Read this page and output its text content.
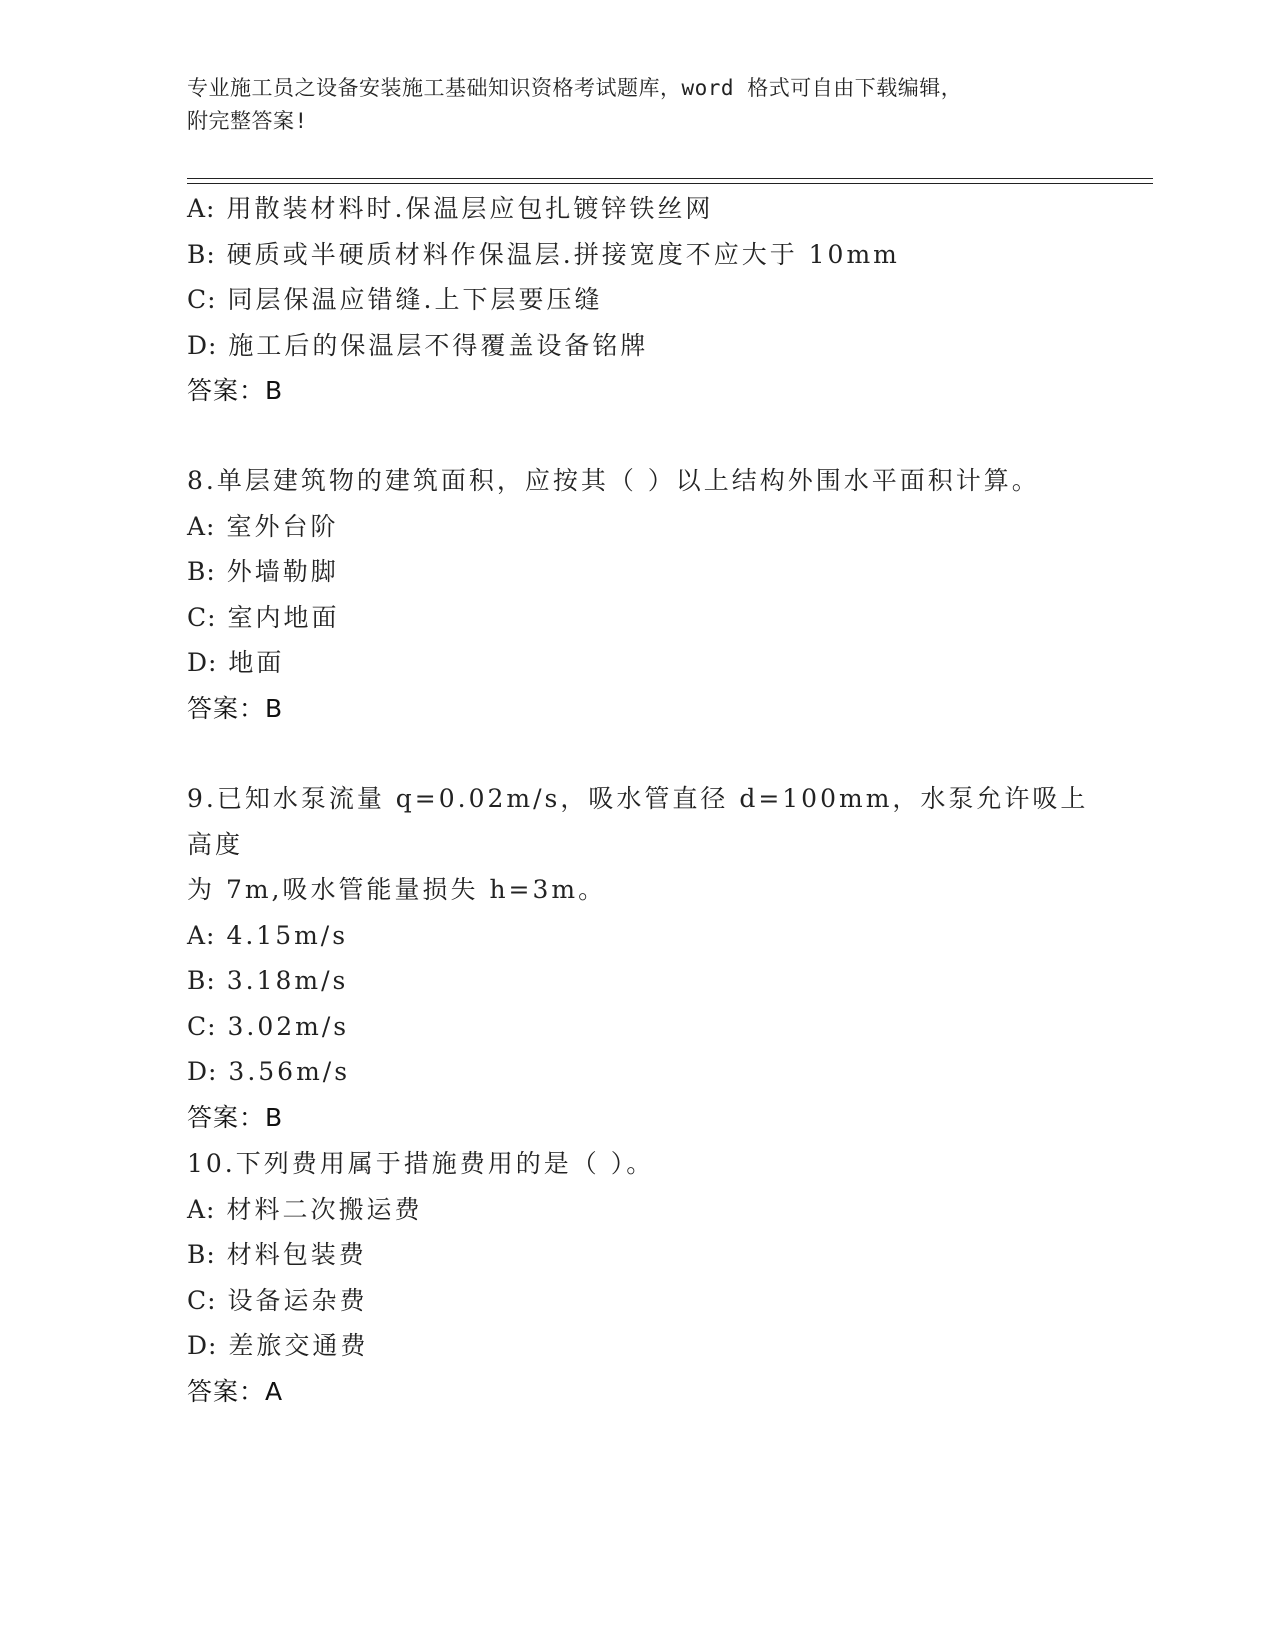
专业施工员之设备安装施工基础知识资格考试题库，word 格式可自由下载编辑，
附完整答案!
A: 用散装材料时.保温层应包扎镀锌铁丝网
B: 硬质或半硬质材料作保温层.拼接宽度不应大于 10mm
C: 同层保温应错缝.上下层要压缝
D: 施工后的保温层不得覆盖设备铭牌
答案：B
8.单层建筑物的建筑面积，应按其（ ）以上结构外围水平面积计算。
A: 室外台阶
B: 外墙勒脚
C: 室内地面
D: 地面
答案：B
9.已知水泵流量 q=0.02m/s，吸水管直径 d=100mm，水泵允许吸上高度
为 7m,吸水管能量损失 h=3m。
A: 4.15m/s
B: 3.18m/s
C: 3.02m/s
D: 3.56m/s
答案：B
10.下列费用属于措施费用的是（ ）。
A: 材料二次搬运费
B: 材料包装费
C: 设备运杂费
D: 差旅交通费
答案：A
